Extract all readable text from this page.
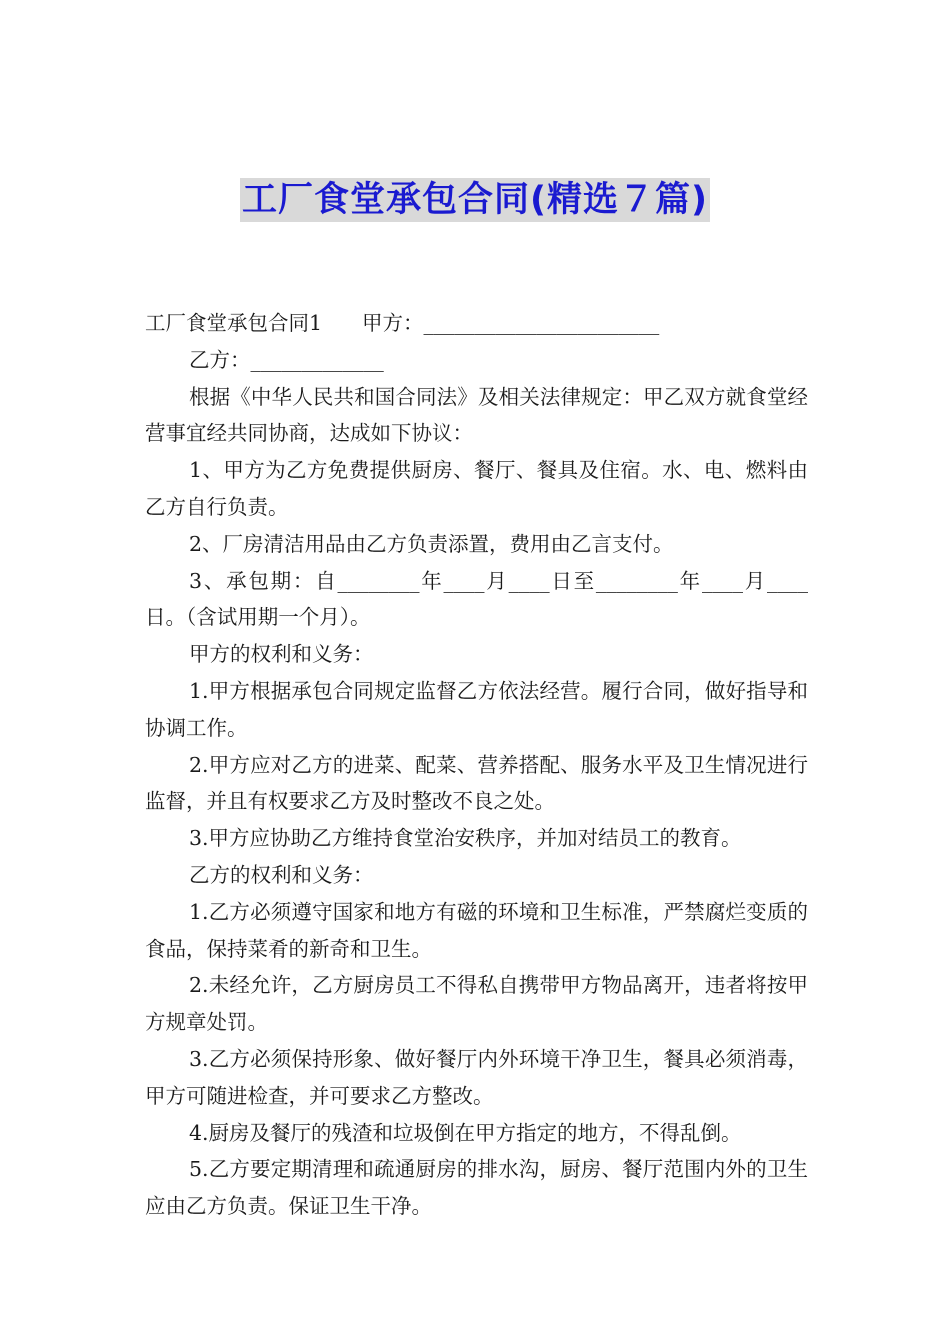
工厂食堂承包合同(精选７篇)

工厂食堂承包合同1 甲方：_______________________

乙方：_____________

根据《中华人民共和国合同法》及相关法律规定：甲乙双方就食堂经营事宜经共同协商，达成如下协议：

1、甲方为乙方免费提供厨房、餐厅、餐具及住宿。水、电、燃料由乙方自行负责。

2、厂房清洁用品由乙方负责添置，费用由乙言支付。

3、承包期：自________年____月____日至________年____月____日。（含试用期一个月）。

甲方的权利和义务：

1.甲方根据承包合同规定监督乙方依法经营。履行合同，做好指导和协调工作。

2.甲方应对乙方的进菜、配菜、营养搭配、服务水平及卫生情况进行监督，并且有权要求乙方及时整改不良之处。

3.甲方应协助乙方维持食堂治安秩序，并加对结员工的教育。

乙方的权利和义务：

1.乙方必须遵守国家和地方有磁的环境和卫生标准，严禁腐烂变质的食品，保持菜肴的新奇和卫生。

2.未经允许，乙方厨房员工不得私自携带甲方物品离开，违者将按甲方规章处罚。

3.乙方必须保持形象、做好餐厅内外环境干净卫生，餐具必须消毒，甲方可随进检查，并可要求乙方整改。

4.厨房及餐厅的残渣和垃圾倒在甲方指定的地方，不得乱倒。

5.乙方要定期清理和疏通厨房的排水沟，厨房、餐厅范围内外的卫生应由乙方负责。保证卫生干净。
